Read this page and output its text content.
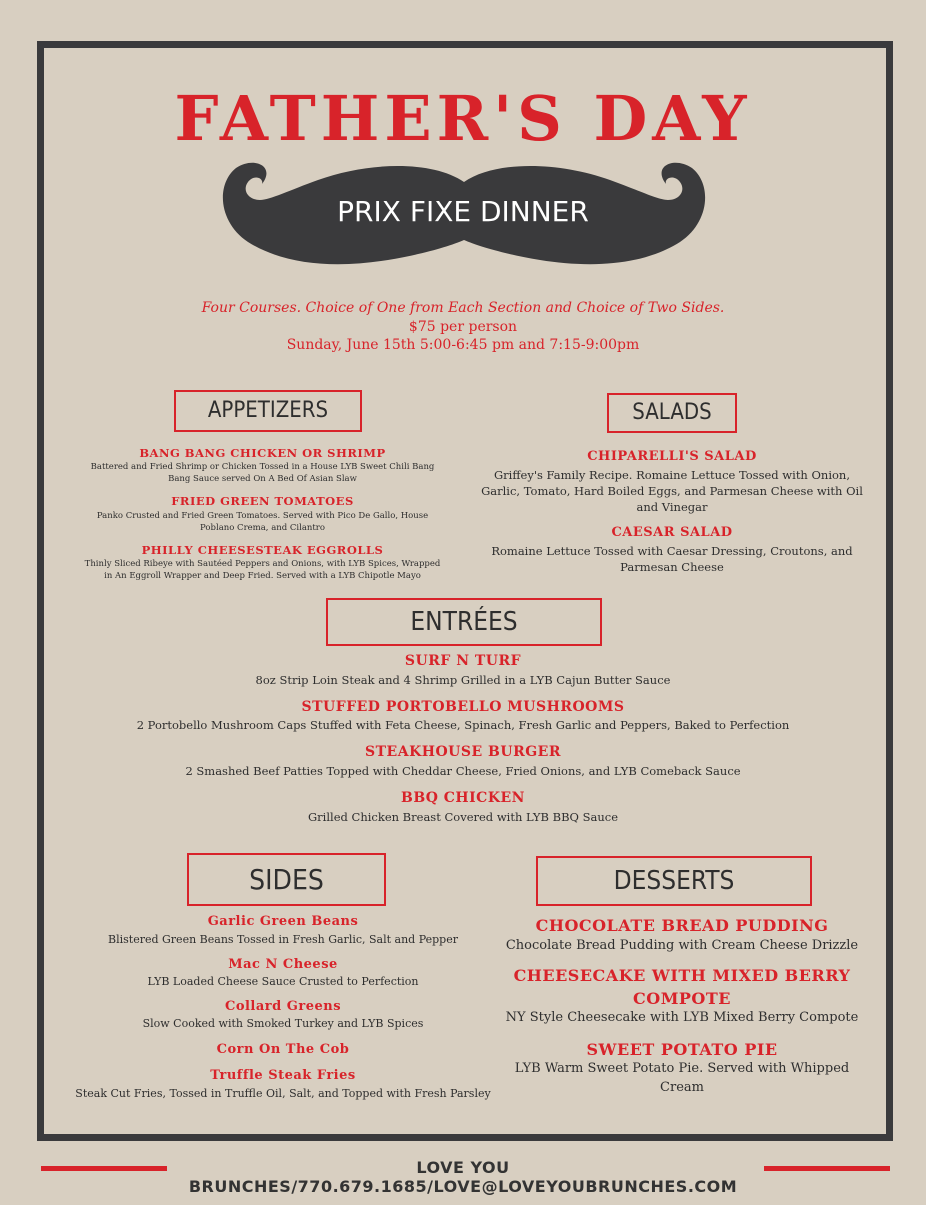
FATHER'S DAY
PRIX FIXE DINNER
Four Courses. Choice of One from Each Section and Choice of Two Sides.
$75 per person
Sunday, June 15th 5:00-6:45 pm and 7:15-9:00pm
APPETIZERS
BANG BANG CHICKEN OR SHRIMP
Battered and Fried Shrimp or Chicken Tossed in a House LYB Sweet Chili Bang
Bang Sauce served On A Bed Of Asian Slaw
FRIED GREEN TOMATOES
Panko Crusted and Fried Green Tomatoes. Served with Pico De Gallo, House
Poblano Crema, and Cilantro
PHILLY CHEESESTEAK EGGROLLS
Thinly Sliced Ribeye with Sautéed Peppers and Onions, with LYB Spices, Wrapped
in An Eggroll Wrapper and Deep Fried. Served with a LYB Chipotle Mayo
SALADS
CHIPARELLI'S SALAD
Griffey's Family Recipe. Romaine Lettuce Tossed with Onion,
Garlic, Tomato, Hard Boiled Eggs, and Parmesan Cheese with Oil
and Vinegar
CAESAR SALAD
Romaine Lettuce Tossed with Caesar Dressing, Croutons, and
Parmesan Cheese
ENTRÉES
SURF N TURF
8oz Strip Loin Steak and 4 Shrimp Grilled in a LYB Cajun Butter Sauce
STUFFED PORTOBELLO MUSHROOMS
2 Portobello Mushroom Caps Stuffed with Feta Cheese, Spinach, Fresh Garlic and Peppers, Baked to Perfection
STEAKHOUSE BURGER
2 Smashed Beef Patties Topped with Cheddar Cheese, Fried Onions, and LYB Comeback Sauce
BBQ CHICKEN
Grilled Chicken Breast Covered with LYB BBQ Sauce
SIDES
Garlic Green Beans
Blistered Green Beans Tossed in Fresh Garlic, Salt and Pepper
Mac N Cheese
LYB Loaded Cheese Sauce Crusted to Perfection
Collard Greens
Slow Cooked with Smoked Turkey and LYB Spices
Corn On The Cob
Truffle Steak Fries
Steak Cut Fries, Tossed in Truffle Oil, Salt, and Topped with Fresh Parsley
DESSERTS
CHOCOLATE BREAD PUDDING
Chocolate Bread Pudding with Cream Cheese Drizzle
CHEESECAKE WITH MIXED BERRY
COMPOTE
NY Style Cheesecake with LYB Mixed Berry Compote
SWEET POTATO PIE
LYB Warm Sweet Potato Pie. Served with Whipped
Cream
LOVE YOU BRUNCHES/770.679.1685/LOVE@LOVEYOUBRUNCHES.COM
